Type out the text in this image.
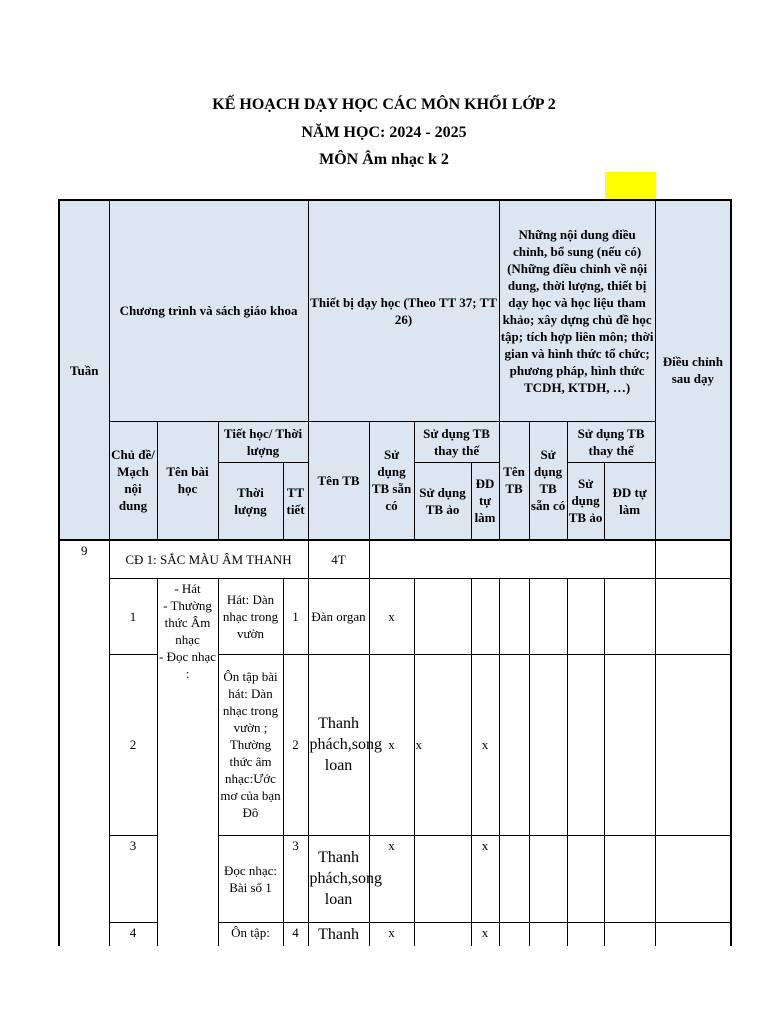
KẾ HOẠCH DẠY HỌC CÁC MÔN KHỐI LỚP 2
NĂM HỌC: 2024 - 2025
MÔN Âm nhạc k 2
Tuần	Chương trình và sách giáo khoa				Thiết bị dạy học (Theo TT 37; TT 26)				Những nội dung điều chỉnh, bổ sung (nếu có) (Những điều chỉnh về nội dung, thời lượng, thiết bị dạy học và học liệu tham khảo; xây dựng chủ đề học tập; tích hợp liên môn; thời gian và hình thức tổ chức; phương pháp, hình thức TCDH, KTDH, …)				Điều chỉnh sau dạy
	Chủ đề/ Mạch nội dung	Tên bài học	Tiết học/ Thời lượng		Tên TB	Sử dụng TB sẵn có	Sử dụng TB thay thế		Tên TB	Sử dụng TB sẵn có	Sử dụng TB thay thế		
			Thời lượng	TT tiết			Sử dụng TB ảo	ĐD tự làm			Sử dụng TB ảo	ĐD tự làm	
9	CĐ 1: SẮC MÀU ÂM THANH				4T								
	1	- Hát
- Thường thức Âm nhạc
- Đọc nhạc :	Hát: Dàn nhạc trong vườn	1	Đàn organ	x							
	2		Ôn tập bài hát: Dàn nhạc trong vườn ; Thường thức âm nhạc:Ước mơ của bạn Đô	2	Thanh phách,song loan	x	x	x					
	3		Đọc nhạc: Bài số 1	3	Thanh phách,song loan	x		x					
	4		Ôn tập:	4	Thanh	x		x					
